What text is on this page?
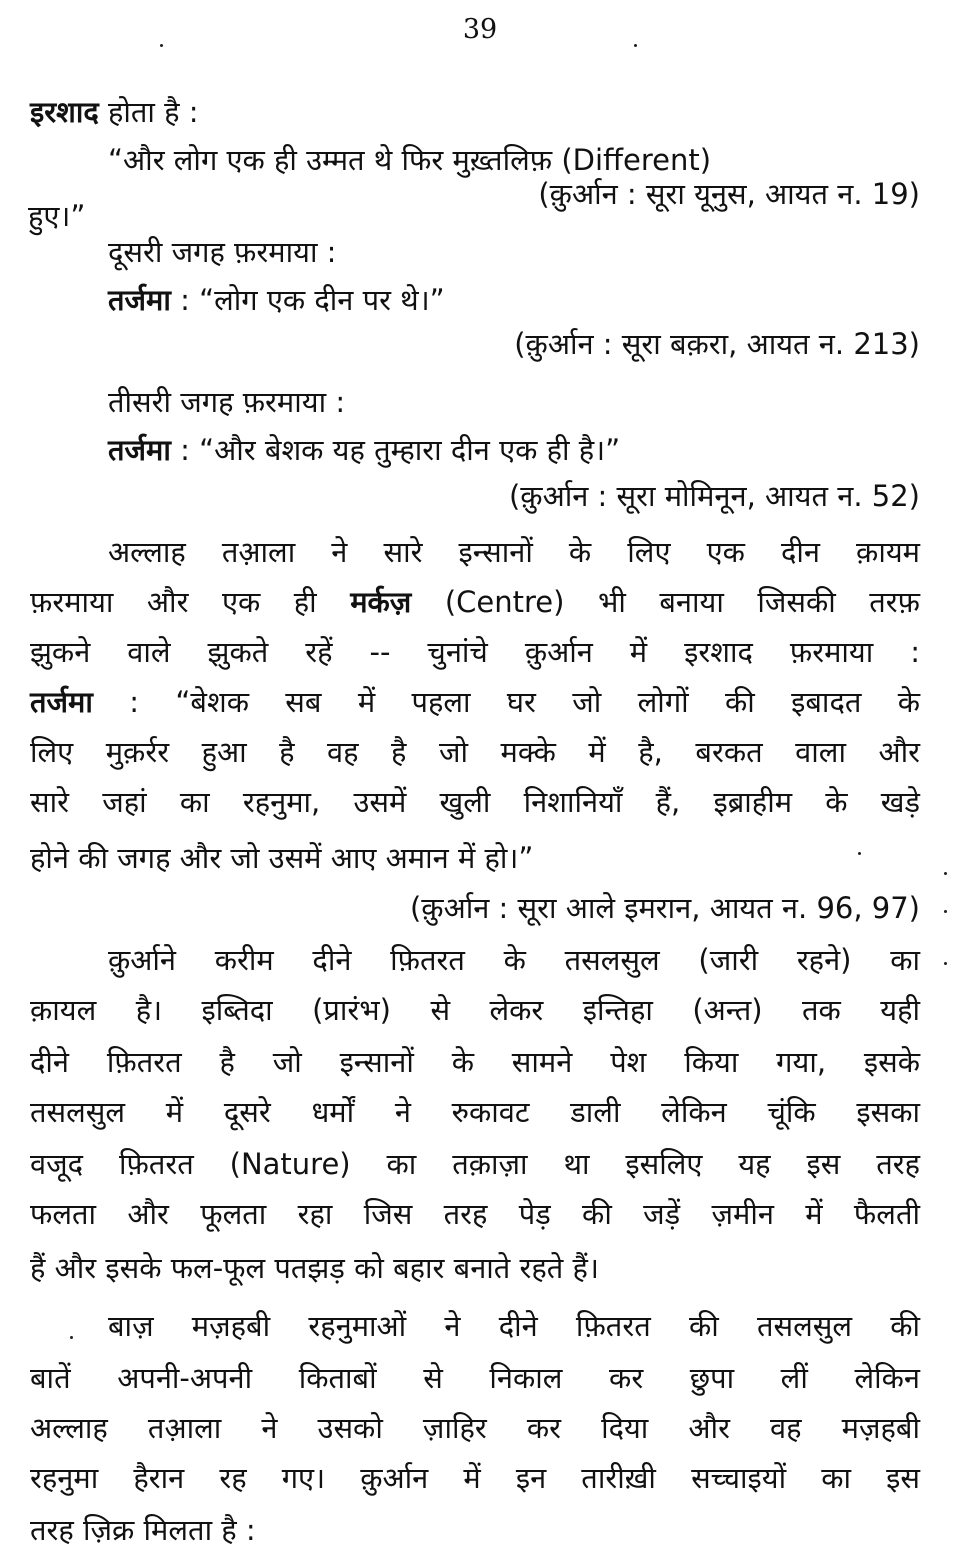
39
इरशाद होता है :
“और लोग एक ही उम्मत थे फिर मुख़्तलिफ़ (Different)
(क़ुर्आन : सूरा यूनुस, आयत न. 19)
हुए।”
दूसरी जगह फ़रमाया :
तर्जमा : “लोग एक दीन पर थे।”
(क़ुर्आन : सूरा बक़रा, आयत न. 213)
तीसरी जगह फ़रमाया :
तर्जमा : “और बेशक यह तुम्हारा दीन एक ही है।”
(क़ुर्आन : सूरा मोमिनून, आयत न. 52)
अल्लाह तआ़ला ने सारे इन्सानों के लिए एक दीन क़ायम
फ़रमाया और एक ही मर्कज़ (Centre) भी बनाया जिसकी तरफ़
झुकने वाले झुकते रहें -- चुनांचे क़ुर्आन में इरशाद फ़रमाया :
तर्जमा : “बेशक सब में पहला घर जो लोगों की इबादत के
लिए मुक़र्रर हुआ है वह है जो मक्के में है, बरकत वाला और
सारे जहां का रहनुमा, उसमें खुली निशानियाँ हैं, इब्राहीम के खड़े
होने की जगह और जो उसमें आए अमान में हो।”
(क़ुर्आन : सूरा आले इमरान, आयत न. 96, 97)
क़ुर्आने करीम दीने फ़ितरत के तसलसुल (जारी रहने) का
क़ायल है। इब्तिदा (प्रारंभ) से लेकर इन्तिहा (अन्त) तक यही
दीने फ़ितरत है जो इन्सानों के सामने पेश किया गया, इसके
तसलसुल में दूसरे धर्मों ने रुकावट डाली लेकिन चूंकि इसका
वजूद फ़ितरत (Nature) का तक़ाज़ा था इसलिए यह इस तरह
फलता और फूलता रहा जिस तरह पेड़ की जड़ें ज़मीन में फैलती
हैं और इसके फल-फूल पतझड़ को बहार बनाते रहते हैं।
बाज़ मज़हबी रहनुमाओं ने दीने फ़ितरत की तसलसुल की
बातें अपनी-अपनी किताबों से निकाल कर छुपा लीं लेकिन
अल्लाह तआ़ला ने उसको ज़ाहिर कर दिया और वह मज़हबी
रहनुमा हैरान रह गए। क़ुर्आन में इन तारीख़ी सच्चाइयों का इस
तरह ज़िक्र मिलता है :
